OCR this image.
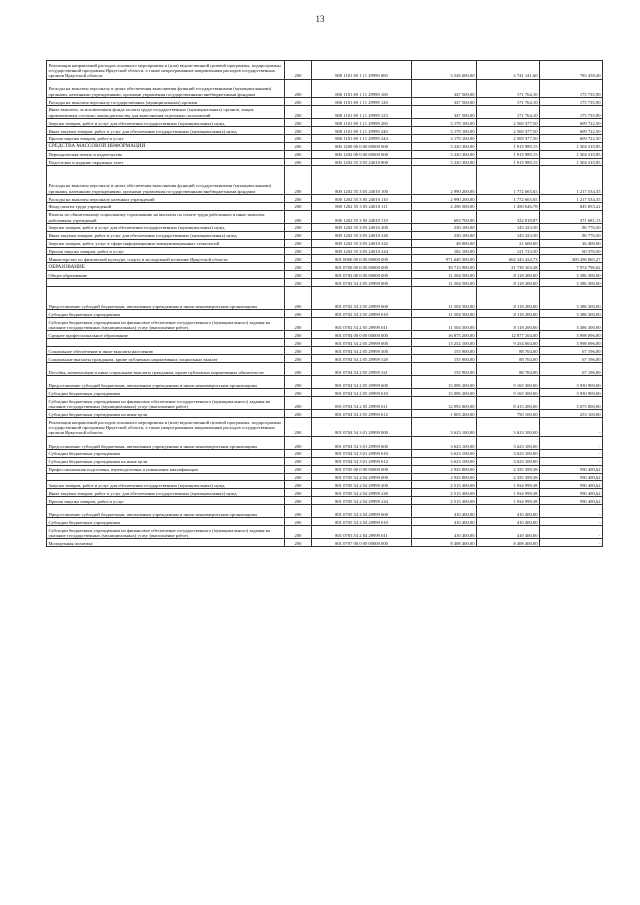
13
Реализация направлений расходов основного мероприятия и (или) ведомственной целевой программы, подпрограммы государственной программы Иркутской области, а также непрограммным направлениям расходов государственных органов Иркутской области	200	800 1101 69 1 11 29999 000	3 526 600,00	2 741 141,60	785 458,40
Расходы на выплаты персоналу в целях обеспечения выполнения функций государственными (муниципальными) органами, казенными учреждениями, органами управления государственными внебюджетными фондами	200	800 1101 69 1 11 29999 100	347 500,00	171 764,10	175 735,90
Расходы на выплаты персоналу государственных (муниципальных) органов	200	800 1101 69 1 11 29999 120	347 500,00	171 764,10	175 735,90
Иные выплаты, за исключением фонда оплаты труда государственных (муниципальных) органов, лицам, привлекаемым согласно законодательству для выполнения отдельных полномочий	200	800 1101 69 1 11 29999 123	347 500,00	171 764,10	175 735,90
Закупка товаров, работ и услуг для обеспечения государственных (муниципальных) нужд	200	800 1101 69 1 11 29999 200	3 179 100,00	2 569 377,50	609 722,50
Иные закупки товаров, работ и услуг для обеспечения государственных (муниципальных) нужд	200	800 1101 69 1 11 29999 240	3 179 100,00	2 569 377,50	609 722,50
Прочая закупка товаров, работ и услуг	200	800 1101 69 1 11 29999 244	3 179 100,00	2 569 377,50	609 722,50
СРЕДСТВА МАССОВОЙ ИНФОРМАЦИИ	200	800 1200 00 0 00 00000 000	3 220 300,00	1 915 989,15	1 304 310,85
Периодическая печать и издательства	200	800 1202 00 0 00 00000 000	3 220 300,00	1 915 989,15	1 304 310,85
Подготовка и издание окружных газет	200	800 1202 55 3 05 24010 000	3 220 300,00	1 915 989,15	1 304 310,85
Расходы на выплаты персоналу в целях обеспечения выполнения функций государственными (муниципальными) органами, казенными учреждениями, органами управления государственными внебюджетными фондами	200	800 1202 55 3 05 24010 100	2 990 200,00	1 772 665,65	1 217 534,35
Расходы на выплаты персоналу казенных учреждений	200	800 1202 55 3 05 24010 110	2 990 200,00	1 772 665,65	1 217 534,35
Фонд оплаты труда учреждений	200	800 1202 55 3 05 24010 111	2 296 500,00	1 450 646,78	845 853,22
Взносы по обязательному социальному страхованию на выплаты по оплате труда работников и иные выплаты работникам учреждений	200	800 1202 55 3 05 24010 119	693 700,00	322 018,87	371 681,13
Закупка товаров, работ и услуг для обеспечения государственных (муниципальных) нужд	200	800 1202 55 3 05 24010 200	230 100,00	143 323,50	86 776,50
Иные закупки товаров, работ и услуг для обеспечения государственных (муниципальных) нужд	200	800 1202 55 3 05 24010 240	230 100,00	143 323,50	86 776,50
Закупка товаров, работ, услуг в сфере информационно-коммуникационных технологий	200	800 1202 55 3 05 24010 242	48 000,00	21 600,00	26 400,00
Прочая закупка товаров, работ и услуг	200	800 1202 55 3 05 24010 244	182 100,00	121 723,50	60 376,50
Министерство по физической культуре, спорту и молодежной политике Иркутской области	200	801 0000 00 0 00 00000 000	971 640 300,00	662 343 434,73	309 296 865,27
ОБРАЗОВАНИЕ	200	801 0700 00 0 00 00000 000	39 713 900,00	31 739 103,38	7 974 796,62
Общее образование	200	801 0702 00 0 00 00000 000	11 504 500,00	8 118 200,00	3 386 300,00
	200	801 0702 54 2 05 29999 000	11 504 500,00	8 118 200,00	3 386 300,00
Предоставление субсидий бюджетным, автономным учреждениям и иным некоммерческим организациям	200	801 0702 54 2 05 29999 600	11 504 500,00	8 118 200,00	3 386 300,00
Субсидии бюджетным учреждениям	200	801 0702 54 2 05 29999 610	11 504 500,00	8 118 200,00	3 386 300,00
Субсидии бюджетным учреждениям на финансовое обеспечение государственного (муниципального) задания на оказание государственных (муниципальных) услуг (выполнение работ)	200	801 0702 54 2 05 29999 611	11 504 500,00	8 118 200,00	3 386 300,00
Среднее профессиональное образование	200	801 0704 00 0 00 00000 000	16 875 200,00	12 877 104,00	3 998 096,00
	200	801 0704 54 2 05 29999 000	13 252 100,00	9 254 004,00	3 998 096,00
Социальное обеспечение и иные выплаты населению	200	801 0704 54 2 05 29999 300	155 900,00	88 704,00	67 196,00
Социальные выплаты гражданам, кроме публичных нормативных социальных выплат	200	801 0704 54 2 05 29999 320	155 900,00	88 704,00	67 196,00
Пособия, компенсации и иные социальные выплаты гражданам, кроме публичных нормативных обязательств	200	801 0704 54 2 05 29999 321	155 900,00	88 704,00	67 196,00
Предоставление субсидий бюджетным, автономным учреждениям и иным некоммерческим организациям	200	801 0704 54 2 05 29999 600	13 096 200,00	9 165 300,00	3 930 900,00
Субсидии бюджетным учреждениям	200	801 0704 54 2 05 29999 610	13 096 200,00	9 165 300,00	3 930 900,00
Субсидии бюджетным учреждениям на финансовое обеспечение государственного (муниципального) задания на оказание государственных (муниципальных) услуг (выполнение работ)	200	801 0704 54 2 05 29999 611	12 093 000,00	8 415 200,00	3 675 800,00
Субсидии бюджетным учреждениям на иные цели	200	801 0704 54 2 05 29999 612	1 003 200,00	750 100,00	253 100,00
Реализация направлений расходов основного мероприятия и (или) ведомственной целевой программы, подпрограммы государственной программы Иркутской области, а также непрограммным направлениям расходов государственных органов Иркутской области	200	801 0704 54 3 01 29999 000	3 623 100,00	3 623 100,00	-
Предоставление субсидий бюджетным, автономным учреждениям и иным некоммерческим организациям	200	801 0704 54 3 01 29999 600	3 623 100,00	3 623 100,00	-
Субсидии бюджетным учреждениям	200	801 0704 54 3 01 29999 610	3 623 100,00	3 623 100,00	-
Субсидии бюджетным учреждениям на иные цели	200	801 0704 54 3 01 29999 612	3 623 100,00	3 623 100,00	-
Профессиональная подготовка, переподготовка и повышение квалификации	200	801 0705 00 0 00 00000 000	2 925 800,00	2 335 399,38	590 400,62
	200	801 0705 54 2 04 29999 000	2 925 800,00	2 335 399,38	590 400,62
Закупка товаров, работ и услуг для обеспечения государственных (муниципальных) нужд	200	801 0705 54 2 04 29999 200	2 515 400,00	1 924 999,38	590 400,62
Иные закупки товаров, работ и услуг для обеспечения государственных (муниципальных) нужд	200	801 0705 54 2 04 29999 240	2 515 400,00	1 924 999,38	590 400,62
Прочая закупка товаров, работ и услуг	200	801 0705 54 2 04 29999 244	2 515 400,00	1 924 999,38	590 400,62
Предоставление субсидий бюджетным, автономным учреждениям и иным некоммерческим организациям	200	801 0705 54 2 04 29999 600	410 400,00	410 400,00	-
Субсидии бюджетным учреждениям	200	801 0705 54 2 04 29999 610	410 400,00	410 400,00	-
Субсидии бюджетным учреждениям на финансовое обеспечение государственного (муниципального) задания на оказание государственных (муниципальных) услуг (выполнение работ)	200	801 0705 54 2 04 29999 611	410 400,00	410 400,00	-
Молодежная политика	200	801 0707 00 0 00 00000 000	8 408 400,00	8 408 400,00	-
